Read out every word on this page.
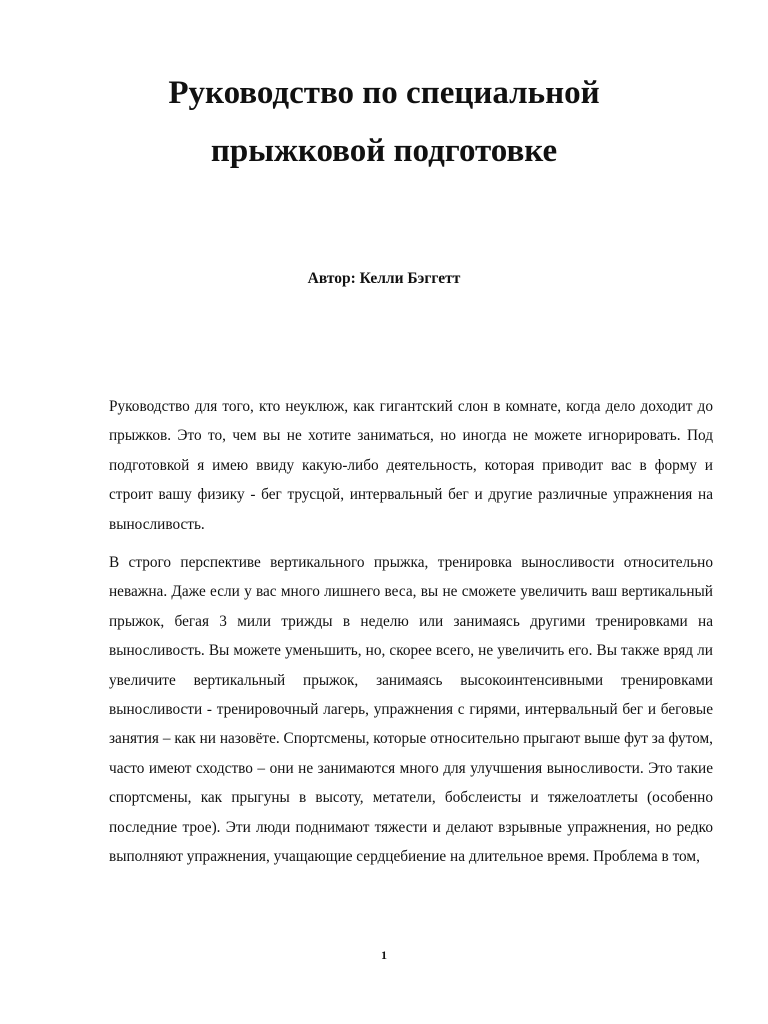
Руководство по специальной
прыжковой подготовке

Автор: Келли Бэггетт

Руководство для того, кто неуклюж, как гигантский слон в комнате, когда дело доходит до прыжков. Это то, чем вы не хотите заниматься, но иногда не можете игнорировать. Под подготовкой я имею ввиду какую-либо деятельность, которая приводит вас в форму и строит вашу физику - бег трусцой, интервальный бег и другие различные упражнения на выносливость.

В строго перспективе вертикального прыжка, тренировка выносливости относительно неважна. Даже если у вас много лишнего веса, вы не сможете увеличить ваш вертикальный прыжок, бегая 3 мили трижды в неделю или занимаясь другими тренировками на выносливость. Вы можете уменьшить, но, скорее всего, не увеличить его. Вы также вряд ли увеличите вертикальный прыжок, занимаясь высокоинтенсивными тренировками выносливости - тренировочный лагерь, упражнения с гирями, интервальный бег и беговые занятия – как ни назовёте. Спортсмены, которые относительно прыгают выше фут за футом, часто имеют сходство – они не занимаются много для улучшения выносливости. Это такие спортсмены, как прыгуны в высоту, метатели, бобслеисты и тяжелоатлеты (особенно последние трое). Эти люди поднимают тяжести и делают взрывные упражнения, но редко выполняют упражнения, учащающие сердцебиение на длительное время. Проблема в том,

1
